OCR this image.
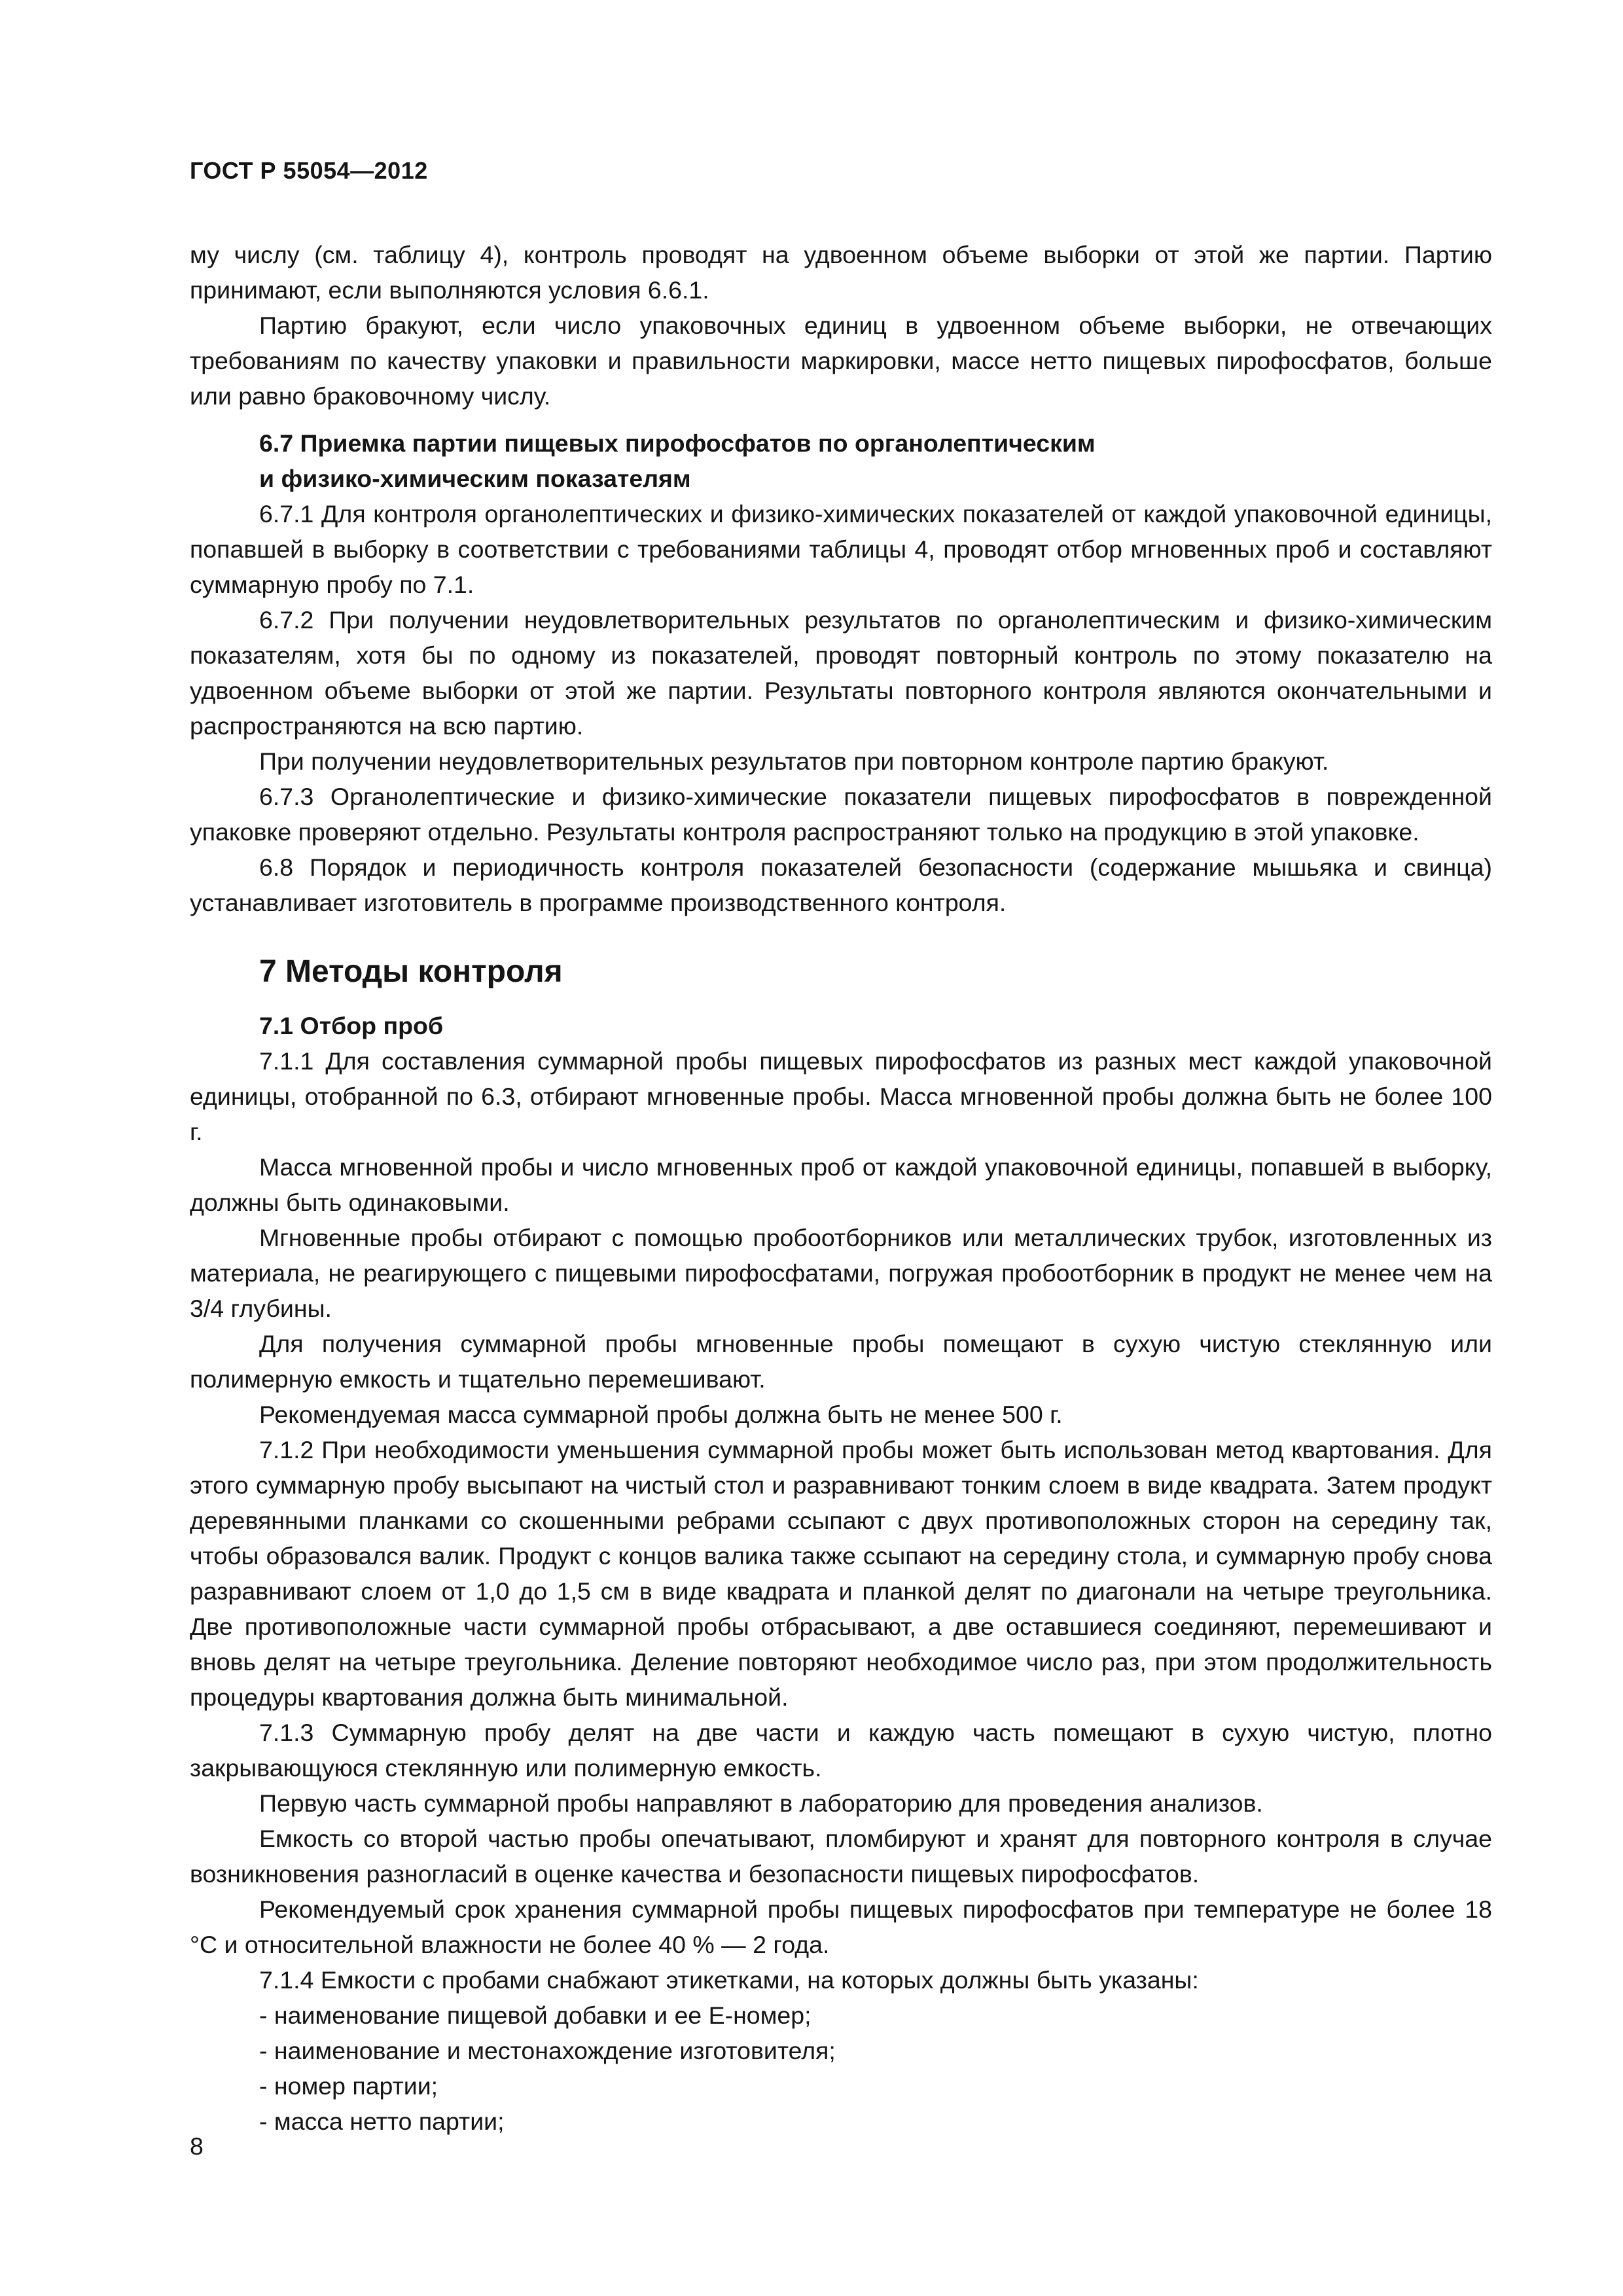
ГОСТ Р 55054—2012

му числу (см. таблицу 4), контроль проводят на удвоенном объеме выборки от этой же партии. Партию принимают, если выполняются условия 6.6.1.

Партию бракуют, если число упаковочных единиц в удвоенном объеме выборки, не отвечающих требованиям по качеству упаковки и правильности маркировки, массе нетто пищевых пирофосфатов, больше или равно браковочному числу.

6.7 Приемка партии пищевых пирофосфатов по органолептическим
и физико-химическим показателям

6.7.1 Для контроля органолептических и физико-химических показателей от каждой упаковочной единицы, попавшей в выборку в соответствии с требованиями таблицы 4, проводят отбор мгновенных проб и составляют суммарную пробу по 7.1.

6.7.2 При получении неудовлетворительных результатов по органолептическим и физико-химическим показателям, хотя бы по одному из показателей, проводят повторный контроль по этому показателю на удвоенном объеме выборки от этой же партии. Результаты повторного контроля являются окончательными и распространяются на всю партию.

При получении неудовлетворительных результатов при повторном контроле партию бракуют.

6.7.3 Органолептические и физико-химические показатели пищевых пирофосфатов в поврежденной упаковке проверяют отдельно. Результаты контроля распространяют только на продукцию в этой упаковке.

6.8 Порядок и периодичность контроля показателей безопасности (содержание мышьяка и свинца) устанавливает изготовитель в программе производственного контроля.

7 Методы контроля
7.1 Отбор проб

7.1.1 Для составления суммарной пробы пищевых пирофосфатов из разных мест каждой упаковочной единицы, отобранной по 6.3, отбирают мгновенные пробы. Масса мгновенной пробы должна быть не более 100 г.

Масса мгновенной пробы и число мгновенных проб от каждой упаковочной единицы, попавшей в выборку, должны быть одинаковыми.

Мгновенные пробы отбирают с помощью пробоотборников или металлических трубок, изготовленных из материала, не реагирующего с пищевыми пирофосфатами, погружая пробоотборник в продукт не менее чем на 3/4 глубины.

Для получения суммарной пробы мгновенные пробы помещают в сухую чистую стеклянную или полимерную емкость и тщательно перемешивают.

Рекомендуемая масса суммарной пробы должна быть не менее 500 г.

7.1.2 При необходимости уменьшения суммарной пробы может быть использован метод квартования. Для этого суммарную пробу высыпают на чистый стол и разравнивают тонким слоем в виде квадрата. Затем продукт деревянными планками со скошенными ребрами ссыпают с двух противоположных сторон на середину так, чтобы образовался валик. Продукт с концов валика также ссыпают на середину стола, и суммарную пробу снова разравнивают слоем от 1,0 до 1,5 см в виде квадрата и планкой делят по диагонали на четыре треугольника. Две противоположные части суммарной пробы отбрасывают, а две оставшиеся соединяют, перемешивают и вновь делят на четыре треугольника. Деление повторяют необходимое число раз, при этом продолжительность процедуры квартования должна быть минимальной.

7.1.3 Суммарную пробу делят на две части и каждую часть помещают в сухую чистую, плотно закрывающуюся стеклянную или полимерную емкость.

Первую часть суммарной пробы направляют в лабораторию для проведения анализов.

Емкость со второй частью пробы опечатывают, пломбируют и хранят для повторного контроля в случае возникновения разногласий в оценке качества и безопасности пищевых пирофосфатов.

Рекомендуемый срок хранения суммарной пробы пищевых пирофосфатов при температуре не более 18 °С и относительной влажности не более 40 % — 2 года.

7.1.4 Емкости с пробами снабжают этикетками, на которых должны быть указаны:

- наименование пищевой добавки и ее Е-номер;

- наименование и местонахождение изготовителя;

- номер партии;

- масса нетто партии;

8
